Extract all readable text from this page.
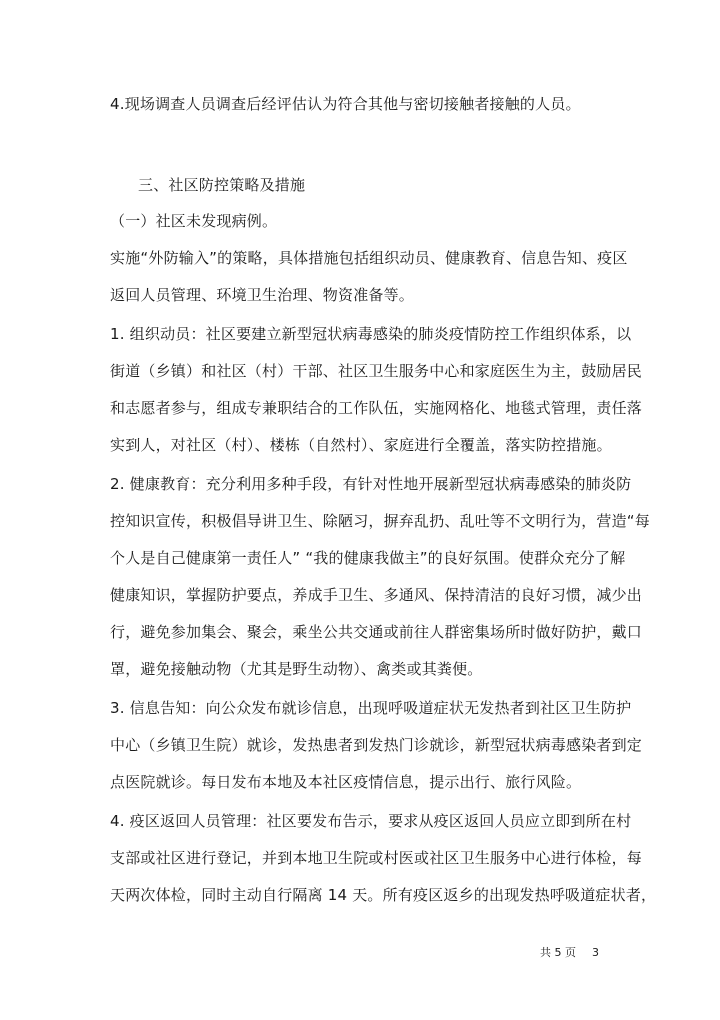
4.现场调查人员调查后经评估认为符合其他与密切接触者接触的人员。
三、社区防控策略及措施
（一）社区未发现病例。
实施“外防输入”的策略，具体措施包括组织动员、健康教育、信息告知、疫区
返回人员管理、环境卫生治理、物资准备等。
1. 组织动员：社区要建立新型冠状病毒感染的肺炎疫情防控工作组织体系，以
街道（乡镇）和社区（村）干部、社区卫生服务中心和家庭医生为主，鼓励居民
和志愿者参与，组成专兼职结合的工作队伍，实施网格化、地毯式管理，责任落
实到人，对社区（村）、楼栋（自然村）、家庭进行全覆盖，落实防控措施。
2. 健康教育：充分利用多种手段，有针对性地开展新型冠状病毒感染的肺炎防
控知识宣传，积极倡导讲卫生、除陋习，摒弃乱扔、乱吐等不文明行为，营造“每
个人是自己健康第一责任人” “我的健康我做主”的良好氛围。使群众充分了解
健康知识，掌握防护要点，养成手卫生、多通风、保持清洁的良好习惯，减少出
行，避免参加集会、聚会，乘坐公共交通或前往人群密集场所时做好防护，戴口
罩，避免接触动物（尤其是野生动物）、禽类或其粪便。
3. 信息告知：向公众发布就诊信息，出现呼吸道症状无发热者到社区卫生防护
中心（乡镇卫生院）就诊，发热患者到发热门诊就诊，新型冠状病毒感染者到定
点医院就诊。每日发布本地及本社区疫情信息，提示出行、旅行风险。
4. 疫区返回人员管理：社区要发布告示，要求从疫区返回人员应立即到所在村
支部或社区进行登记，并到本地卫生院或村医或社区卫生服务中心进行体检，每
天两次体检，同时主动自行隔离 14 天。所有疫区返乡的出现发热呼吸道症状者，
共 5 页 3
